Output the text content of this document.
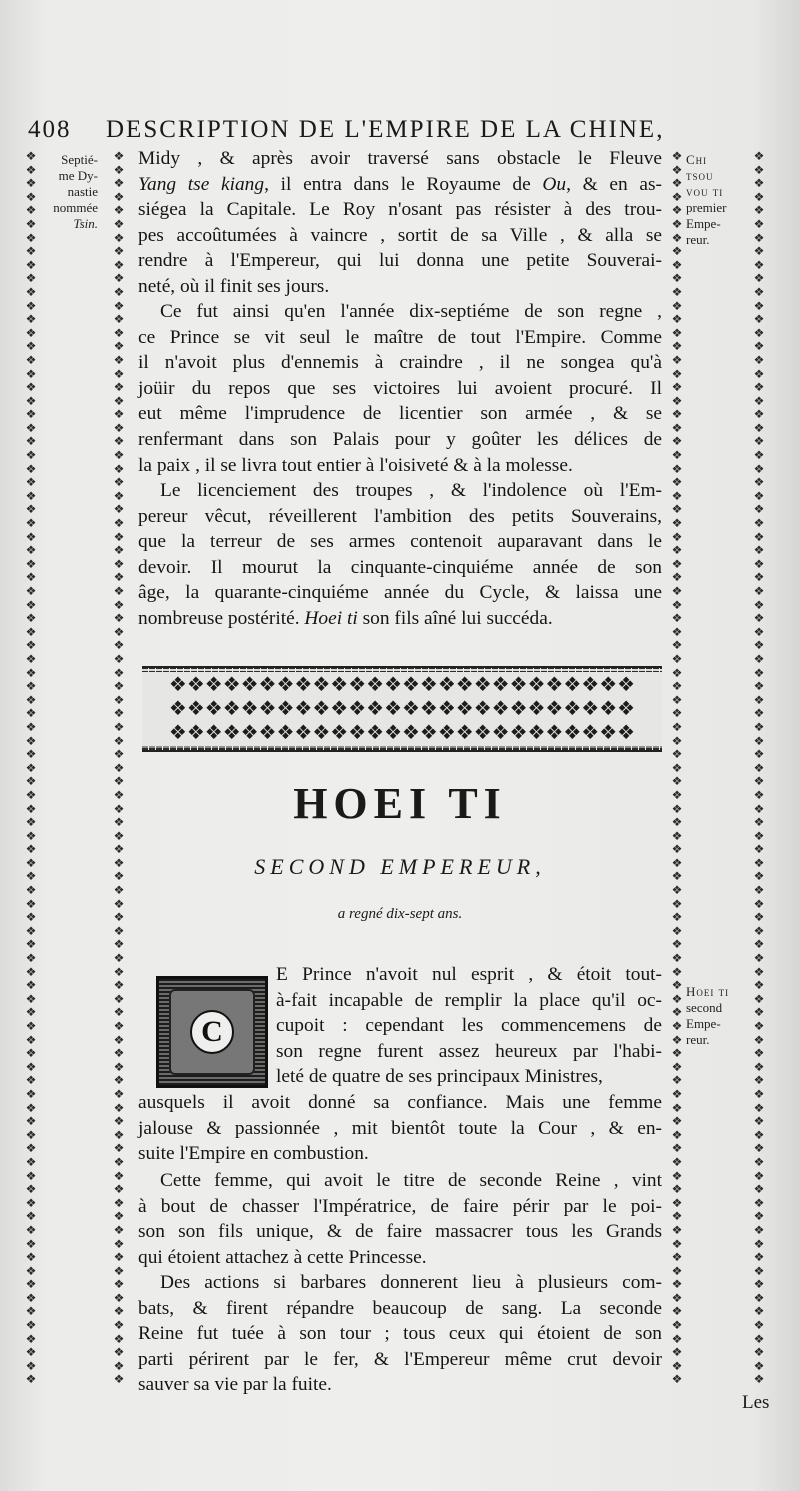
408 DESCRIPTION DE L'EMPIRE DE LA CHINE,
❖
❖
❖
❖
❖
❖
❖
❖
❖
❖
❖
❖
❖
❖
❖
❖
❖
❖
❖
❖
❖
❖
❖
❖
❖
❖
❖
❖
❖
❖
❖
❖
❖
❖
❖
❖
❖
❖
❖
❖
❖
❖
❖
❖
❖
❖
❖
❖
❖
❖
❖
❖
❖
❖
❖
❖
❖
❖
❖
❖
❖
❖
❖
❖
❖
❖
❖
❖
❖
❖
❖
❖
❖
❖
❖
❖
❖
❖
❖
❖
❖
❖
❖
❖
❖
❖
❖
❖
❖
❖
❖
❖
❖
❖
❖
❖
❖
❖
❖
❖
❖
❖
❖
❖
❖
❖
❖
❖
❖
❖
❖
❖
❖
❖
❖
❖
❖
❖
❖
❖
❖
❖
❖
❖
❖
❖
❖
❖
❖
❖
❖
❖
❖
❖
❖
❖
❖
❖
❖
❖
❖
❖
❖
❖
❖
❖
❖
❖
❖
❖
❖
❖
❖
❖
❖
❖
❖
❖
❖
❖
❖
❖
❖
❖
❖
❖
❖
❖
❖
❖
❖
❖
❖
❖
❖
❖
❖
❖
❖
❖
❖
❖
❖
❖
❖
❖
❖
❖
❖
❖
❖
❖
❖
❖
❖
❖
❖
❖
❖
❖
❖
❖
❖
❖
❖
❖
❖
❖
❖
❖
❖
❖
❖
❖
❖
❖
❖
❖
❖
❖
❖
❖
❖
❖
❖
❖
❖
❖
❖
❖
❖
❖
❖
❖
❖
❖
❖
❖
❖
❖
❖
❖
❖
❖
❖
❖
❖
❖
❖
❖
❖
❖
❖
❖
❖
❖
❖
❖
❖
❖
❖
❖
❖
❖
❖
❖
❖
❖
❖
❖
❖
❖
❖
❖
❖
❖
❖
❖
❖
❖
❖
❖
❖
❖
❖
❖
❖
❖
❖
❖
❖
❖
❖
❖
❖
❖
❖
❖
❖
❖
❖
❖
❖
❖
❖
❖
❖
❖
❖
❖
❖
❖
❖
❖
❖
❖
❖
❖
❖
❖
❖
❖
❖
❖
❖
❖
❖
❖
❖
❖
❖
❖
❖
❖
❖
❖
❖
❖
❖
❖
❖
❖
❖
❖
❖
❖
❖
❖
❖
❖
❖
❖
❖
❖
❖
❖
❖
❖
❖
❖
❖
❖
❖
❖
Septié-
me Dy-
nastie
nommée
Tsin.
Chi
tsou
vou ti
premier
Empe-
reur.
Hoei ti
second
Empe-
reur.
Midy , & après avoir traversé sans obstacle le Fleuve
Yang tse kiang, il entra dans le Royaume de Ou, & en as-
siégea la Capitale. Le Roy n'osant pas résister à des trou-
pes accoûtumées à vaincre , sortit de sa Ville , & alla se
rendre à l'Empereur, qui lui donna une petite Souverai-
neté, où il finit ses jours.
Ce fut ainsi qu'en l'année dix-septiéme de son regne ,
ce Prince se vit seul le maître de tout l'Empire. Comme
il n'avoit plus d'ennemis à craindre , il ne songea qu'à
joüir du repos que ses victoires lui avoient procuré. Il
eut même l'imprudence de licentier son armée , & se
renfermant dans son Palais pour y goûter les délices de
la paix , il se livra tout entier à l'oisiveté & à la molesse.
Le licenciement des troupes , & l'indolence où l'Em-
pereur vêcut, réveillerent l'ambition des petits Souverains,
que la terreur de ses armes contenoit auparavant dans le
devoir. Il mourut la cinquante-cinquiéme année de son
âge, la quarante-cinquiéme année du Cycle, & laissa une
nombreuse postérité. Hoei ti son fils aîné lui succéda.
❖❖❖❖❖❖❖❖❖❖❖❖❖❖❖❖❖❖❖❖❖❖❖❖❖❖
❖❖❖❖❖❖❖❖❖❖❖❖❖❖❖❖❖❖❖❖❖❖❖❖❖❖
❖❖❖❖❖❖❖❖❖❖❖❖❖❖❖❖❖❖❖❖❖❖❖❖❖❖
HOEI TI
SECOND EMPEREUR,
a regné dix-sept ans.
C
E Prince n'avoit nul esprit , & étoit tout-
à-fait incapable de remplir la place qu'il oc-
cupoit : cependant les commencemens de
son regne furent assez heureux par l'habi-
leté de quatre de ses principaux Ministres,
ausquels il avoit donné sa confiance. Mais une femme
jalouse & passionnée , mit bientôt toute la Cour , & en-
suite l'Empire en combustion.
Cette femme, qui avoit le titre de seconde Reine , vint
à bout de chasser l'Impératrice, de faire périr par le poi-
son son fils unique, & de faire massacrer tous les Grands
qui étoient attachez à cette Princesse.
Des actions si barbares donnerent lieu à plusieurs com-
bats, & firent répandre beaucoup de sang. La seconde
Reine fut tuée à son tour ; tous ceux qui étoient de son
parti périrent par le fer, & l'Empereur même crut devoir
sauver sa vie par la fuite.
Les
